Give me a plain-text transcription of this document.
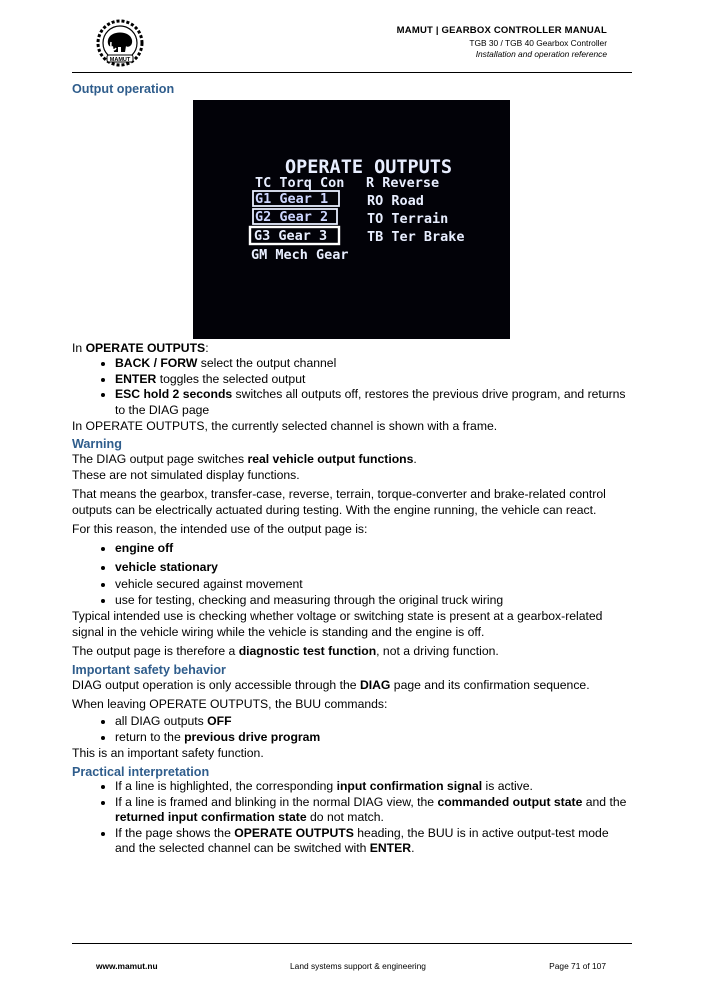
MAMUT
MAMUT | GEARBOX CONTROLLER MANUAL
TGB 30 / TGB 40 Gearbox Controller
Installation and operation reference
Output operation
OPERATE OUTPUTS
TC Torq Con
G1 Gear 1
G2 Gear 2
G3 Gear 3
GM Mech Gear
R Reverse
RO Road
TO Terrain
TB Ter Brake

In OPERATE OUTPUTS:

• BACK / FORW select the output channel
• ENTER toggles the selected output
• ESC hold 2 seconds switches all outputs off, restores the previous drive program, and returns to the DIAG page

In OPERATE OUTPUTS, the currently selected channel is shown with a frame.

Warning

The DIAG output page switches real vehicle output functions.

These are not simulated display functions.

That means the gearbox, transfer-case, reverse, terrain, torque-converter and brake-related control outputs can be electrically actuated during testing. With the engine running, the vehicle can react.

For this reason, the intended use of the output page is:

• engine off
• vehicle stationary
• vehicle secured against movement
• use for testing, checking and measuring through the original truck wiring

Typical intended use is checking whether voltage or switching state is present at a gearbox-related signal in the vehicle wiring while the vehicle is standing and the engine is off.

The output page is therefore a diagnostic test function, not a driving function.

Important safety behavior

DIAG output operation is only accessible through the DIAG page and its confirmation sequence.

When leaving OPERATE OUTPUTS, the BUU commands:

• all DIAG outputs OFF
• return to the previous drive program

This is an important safety function.

Practical interpretation
• If a line is highlighted, the corresponding input confirmation signal is active.
• If a line is framed and blinking in the normal DIAG view, the commanded output state and the returned input confirmation state do not match.
• If the page shows the OPERATE OUTPUTS heading, the BUU is in active output-test mode and the selected channel can be switched with ENTER.
www.mamut.nu	Land systems support & engineering	Page 71 of 107
